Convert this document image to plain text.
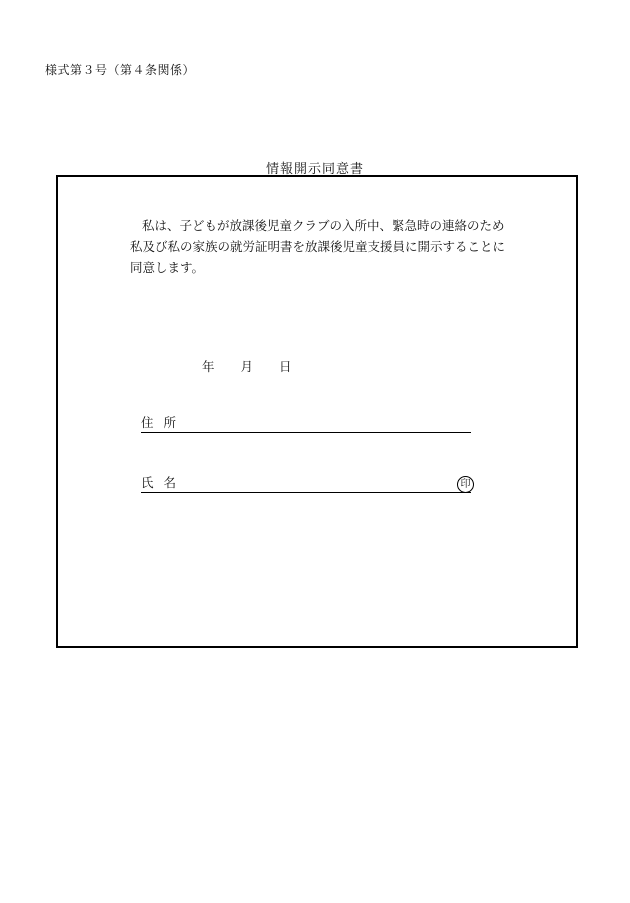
様式第３号（第４条関係）
情報開示同意書
私は、子どもが放課後児童クラブの入所中、緊急時の連絡のため
私及び私の家族の就労証明書を放課後児童支援員に開示することに
同意します。
年 月 日
住所
氏名	印
